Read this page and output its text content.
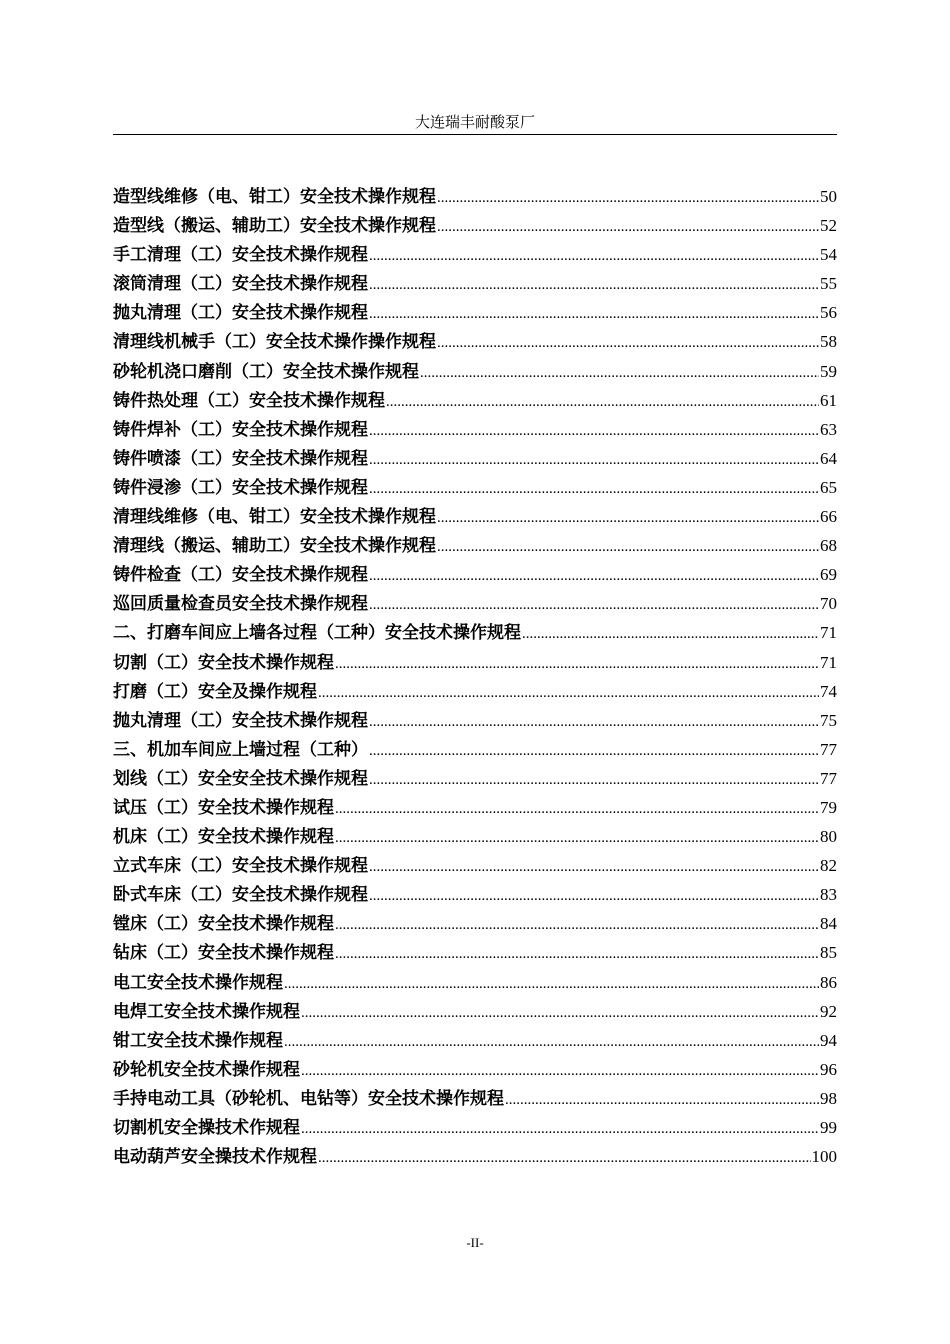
大连瑞丰耐酸泵厂
造型线维修（电、钳工）安全技术操作规程 .....	50
造型线（搬运、辅助工）安全技术操作规程 .....	52
手工清理（工）安全技术操作规程 .....	54
滚筒清理（工）安全技术操作规程 .....	55
抛丸清理（工）安全技术操作规程 .....	56
清理线机械手（工）安全技术操作操作规程 .....	58
砂轮机浇口磨削（工）安全技术操作规程 .....	59
铸件热处理（工）安全技术操作规程 .....	61
铸件焊补（工）安全技术操作规程 .....	63
铸件喷漆（工）安全技术操作规程 .....	64
铸件浸渗（工）安全技术操作规程 .....	65
清理线维修（电、钳工）安全技术操作规程 .....	66
清理线（搬运、辅助工）安全技术操作规程 .....	68
铸件检查（工）安全技术操作规程 .....	69
巡回质量检查员安全技术操作规程 .....	70
二、打磨车间应上墙各过程（工种）安全技术操作规程 .....	71
切割（工）安全技术操作规程 .....	71
打磨（工）安全及操作规程 .....	74
抛丸清理（工）安全技术操作规程 .....	75
三、机加车间应上墙过程（工种） .....	77
划线（工）安全安全技术操作规程 .....	77
试压（工）安全技术操作规程 .....	79
机床（工）安全技术操作规程 .....	80
立式车床（工）安全技术操作规程 .....	82
卧式车床（工）安全技术操作规程 .....	83
镗床（工）安全技术操作规程 .....	84
钻床（工）安全技术操作规程 .....	85
电工安全技术操作规程 .....	86
电焊工安全技术操作规程 .....	92
钳工安全技术操作规程 .....	94
砂轮机安全技术操作规程 .....	96
手持电动工具（砂轮机、电钻等）安全技术操作规程 .....	98
切割机安全操技术作规程 .....	99
电动葫芦安全操技术作规程 .....	100
-II-
